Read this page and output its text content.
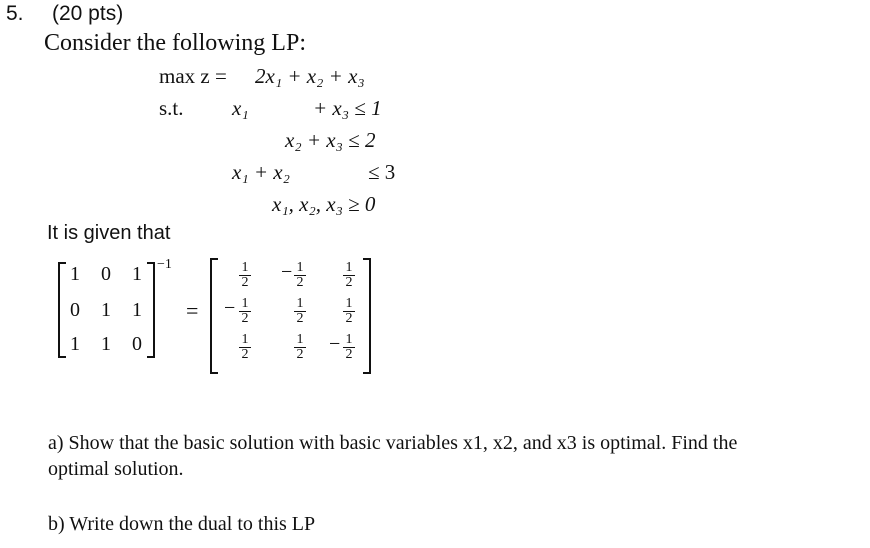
5. (20 pts)
Consider the following LP:
max z = 2x₁ + x₂ + x₃
s.t. x₁	+ x₃ ≤ 1
x₂ + x₃ ≤ 2
x₁ + x₂	≤ 3
x₁, x₂, x₃ ≥ 0
It is given that
1 0 1
0 1 1
1 1 0
−1
=
1
2 − 1
2
1
2
− 1
2
1
2
1
2
1
2
1
2 − 1
2
a) Show that the basic solution with basic variables x1, x2, and x3 is optimal. Find the
optimal solution.
b) Write down the dual to this LP
